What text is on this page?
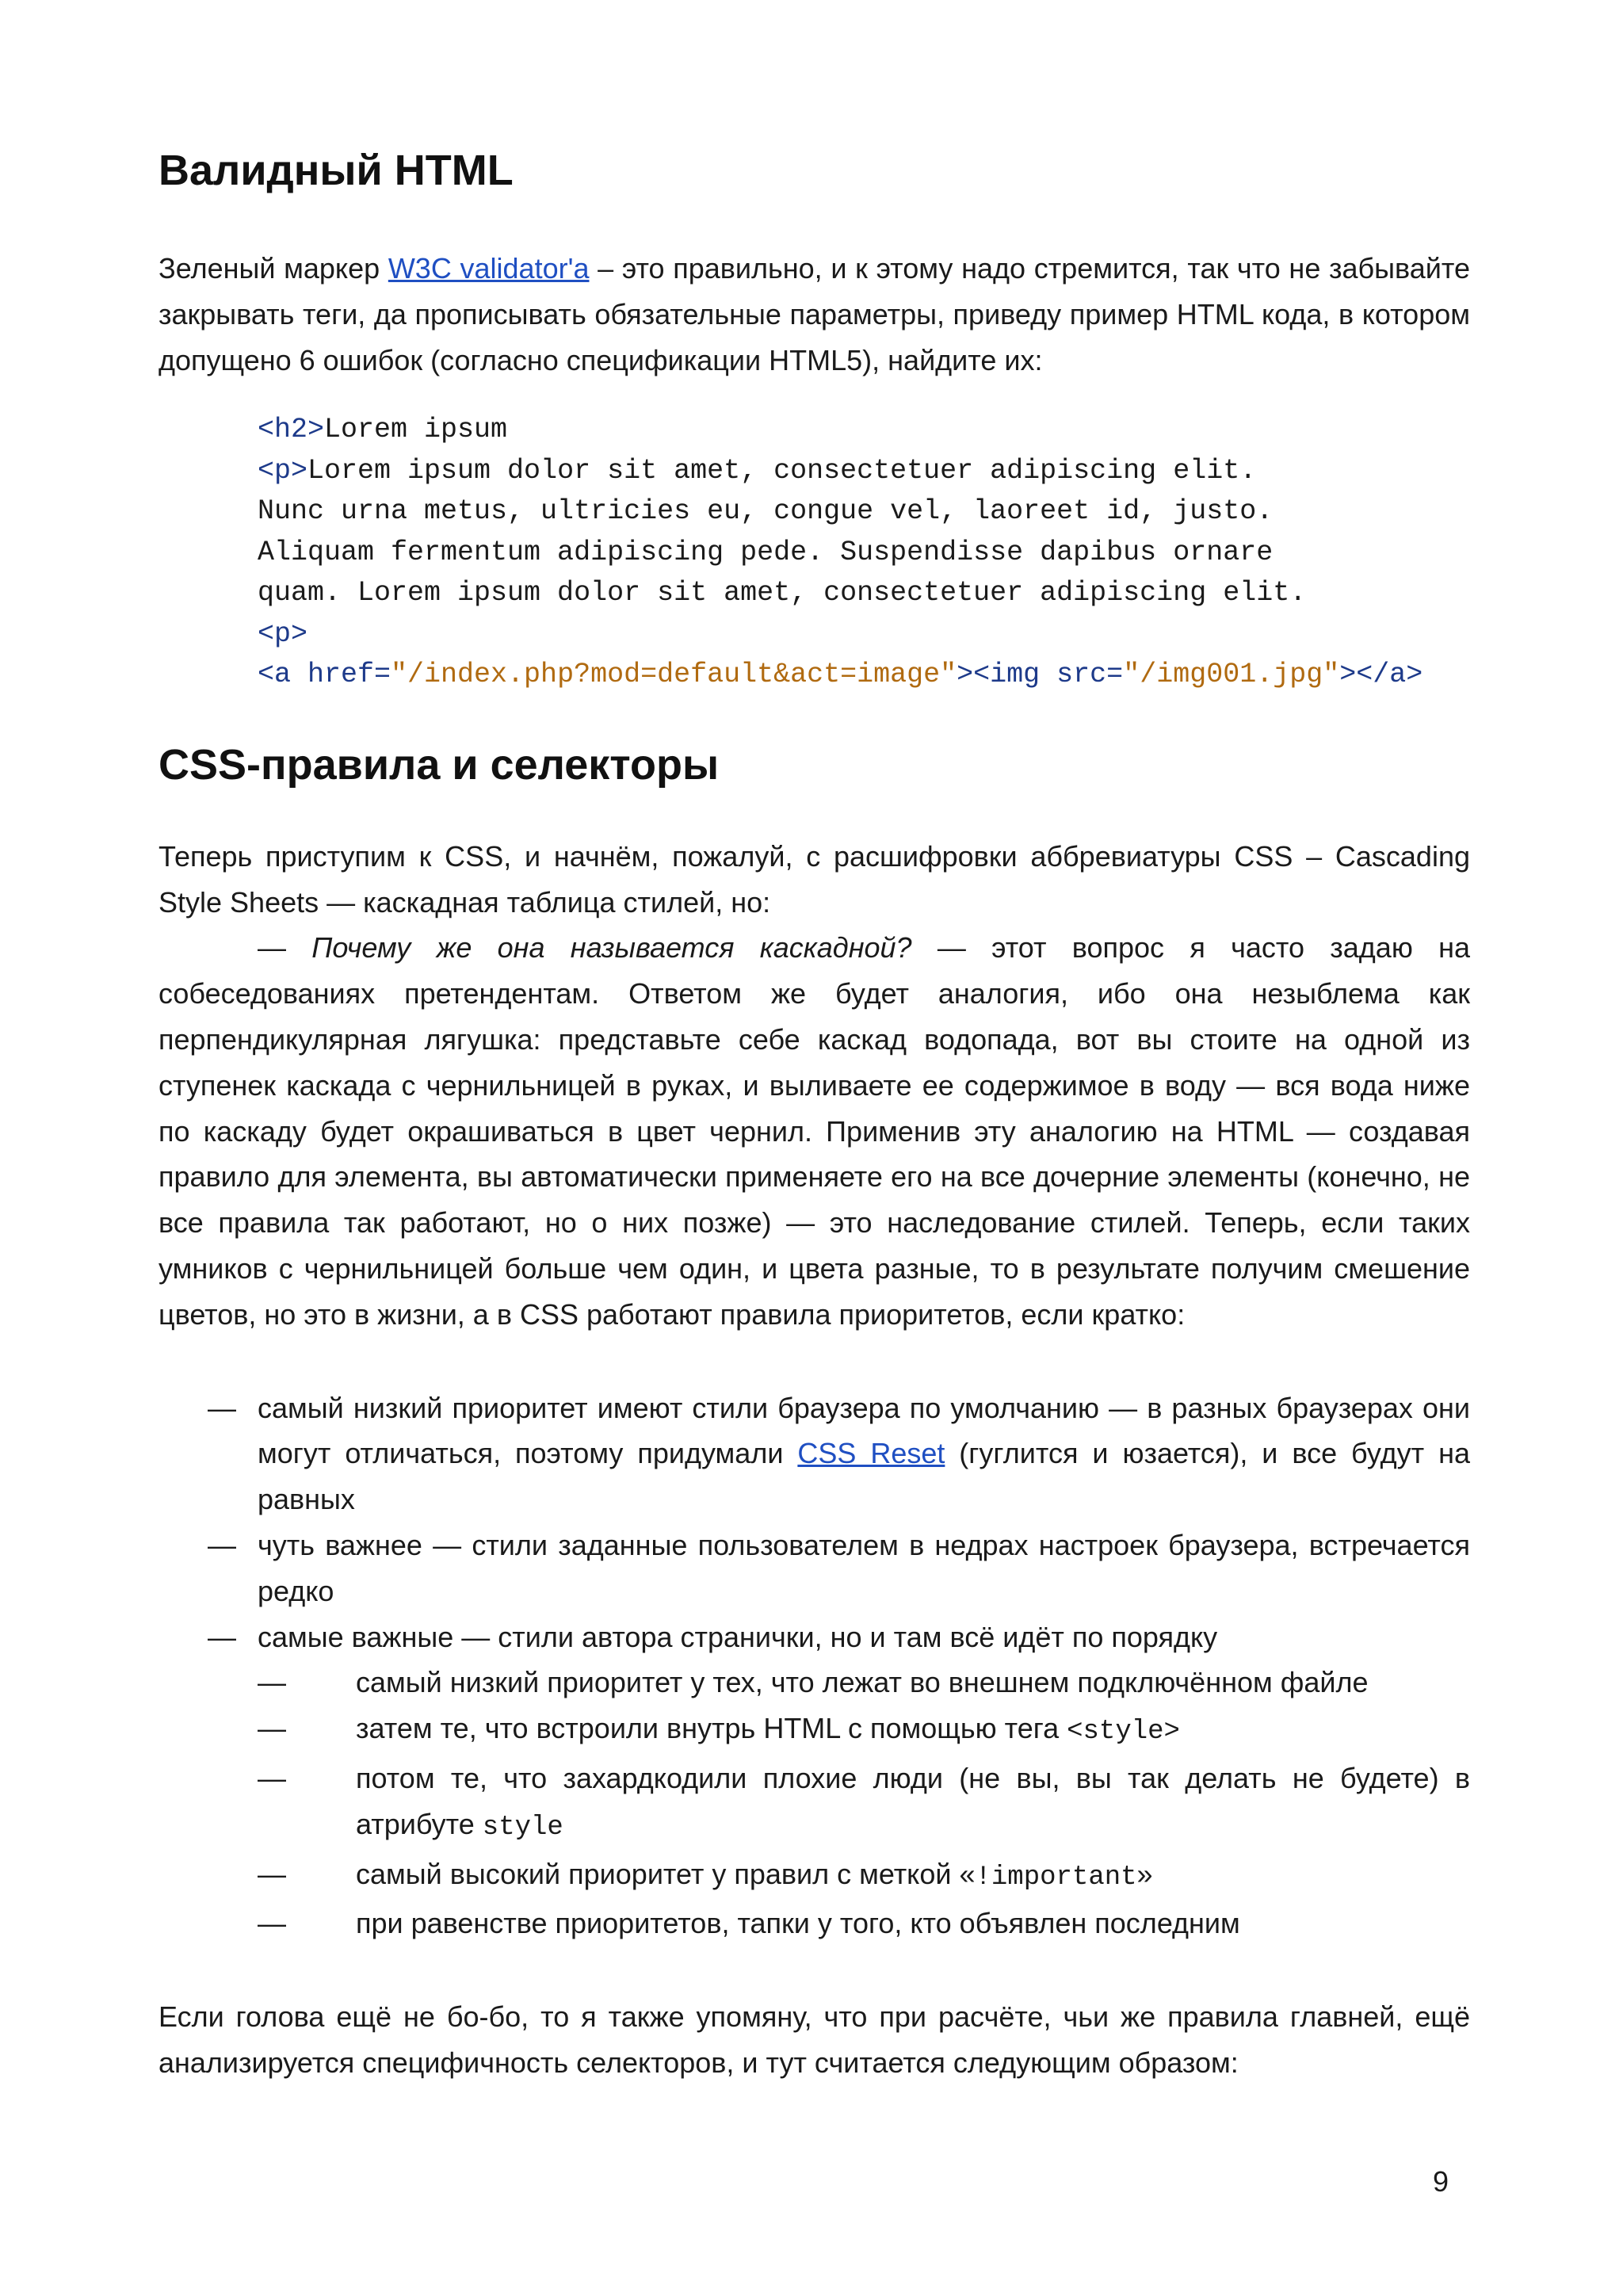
Валидный HTML

Зеленый маркер W3C validator'a – это правильно, и к этому надо стремится, так что не забывайте закрывать теги, да прописывать обязательные параметры, приведу пример HTML кода, в котором допущено 6 ошибок (согласно спецификации HTML5), найдите их:

<h2>Lorem ipsum
<p>Lorem ipsum dolor sit amet, consectetuer adipiscing elit.
Nunc urna metus, ultricies eu, congue vel, laoreet id, justo.
Aliquam fermentum adipiscing pede. Suspendisse dapibus ornare
quam. Lorem ipsum dolor sit amet, consectetuer adipiscing elit.
<p>
<a href="/index.php?mod=default&act=image"><img src="/img001.jpg"></a>
CSS-правила и селекторы

Теперь приступим к CSS, и начнём, пожалуй, с расшифровки аббревиатуры CSS – Cascading Style Sheets — каскадная таблица стилей, но:

— Почему же она называется каскадной? — этот вопрос я часто задаю на собеседованиях претендентам. Ответом же будет аналогия, ибо она незыблема как перпендикулярная лягушка: представьте себе каскад водопада, вот вы стоите на одной из ступенек каскада с чернильницей в руках, и выливаете ее содержимое в воду — вся вода ниже по каскаду будет окрашиваться в цвет чернил. Применив эту аналогию на HTML — создавая правило для элемента, вы автоматически применяете его на все дочерние элементы (конечно, не все правила так работают, но о них позже) — это наследование стилей. Теперь, если таких умников с чернильницей больше чем один, и цвета разные, то в результате получим смешение цветов, но это в жизни, а в CSS работают правила приоритетов, если кратко:

— самый низкий приоритет имеют стили браузера по умолчанию — в разных браузерах они могут отличаться, поэтому придумали CSS Reset (гуглится и юзается), и все будут на равных
— чуть важнее — стили заданные пользователем в недрах настроек браузера, встречается редко
— самые важные — стили автора странички, но и там всё идёт по порядку
— самый низкий приоритет у тех, что лежат во внешнем подключённом файле
— затем те, что встроили внутрь HTML с помощью тега <style>
— потом те, что захардкодили плохие люди (не вы, вы так делать не будете) в атрибуте style
— самый высокий приоритет у правил с меткой «!important»
— при равенстве приоритетов, тапки у того, кто объявлен последним

Если голова ещё не бо-бо, то я также упомяну, что при расчёте, чьи же правила главней, ещё анализируется специфичность селекторов, и тут считается следующим образом:

9
